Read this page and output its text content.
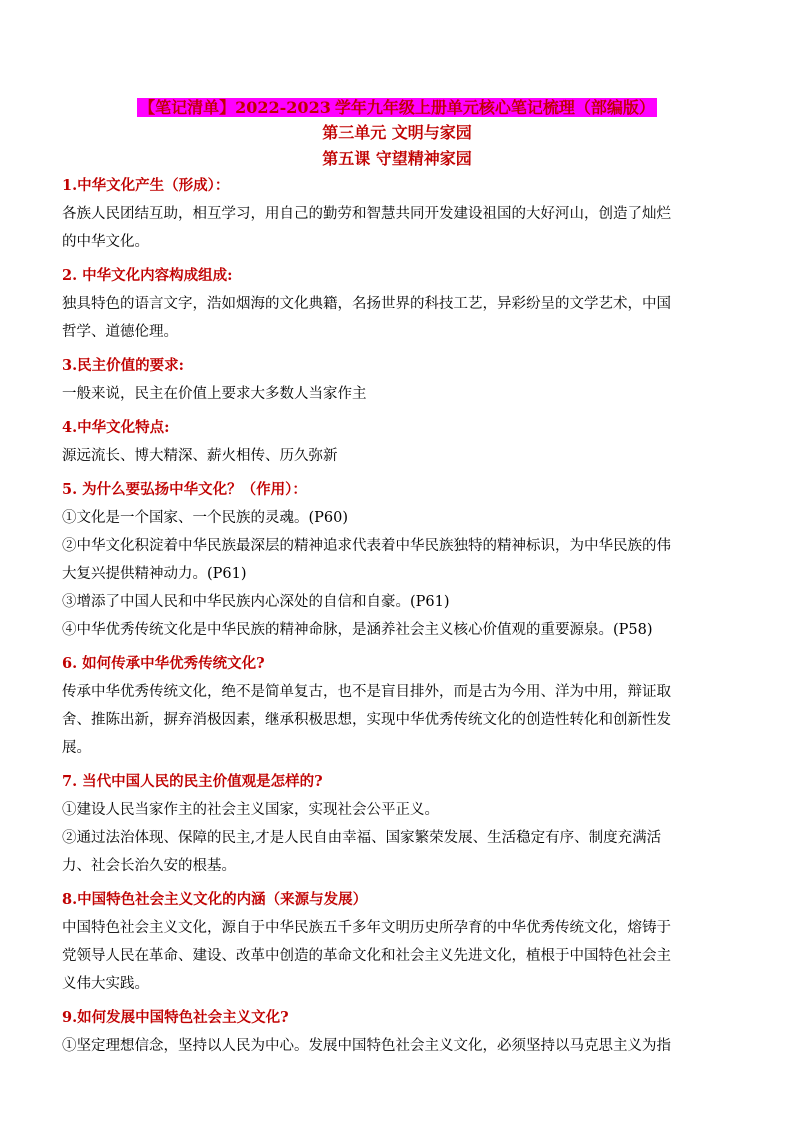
【笔记清单】2022-2023 学年九年级上册单元核心笔记梳理（部编版）
第三单元 文明与家园
第五课 守望精神家园
1.中华文化产生（形成）：
各族人民团结互助，相互学习，用自己的勤劳和智慧共同开发建设祖国的大好河山，创造了灿烂
的中华文化。
2. 中华文化内容构成组成:
独具特色的语言文字，浩如烟海的文化典籍，名扬世界的科技工艺，异彩纷呈的文学艺术，中国
哲学、道德伦理。
3.民主价值的要求:
一般来说，民主在价值上要求大多数人当家作主
4.中华文化特点:
源远流长、博大精深、薪火相传、历久弥新
5. 为什么要弘扬中华文化？（作用）：
①文化是一个国家、一个民族的灵魂。(P60)
②中华文化积淀着中华民族最深层的精神追求代表着中华民族独特的精神标识，为中华民族的伟
大复兴提供精神动力。(P61)
③增添了中国人民和中华民族内心深处的自信和自豪。(P61)
④中华优秀传统文化是中华民族的精神命脉，是涵养社会主义核心价值观的重要源泉。(P58)
6. 如何传承中华优秀传统文化?
传承中华优秀传统文化，绝不是简单复古，也不是盲目排外，而是古为今用、洋为中用，辩证取
舍、推陈出新，摒弃消极因素，继承积极思想，实现中华优秀传统文化的创造性转化和创新性发
展。
7. 当代中国人民的民主价值观是怎样的?
①建设人民当家作主的社会主义国家，实现社会公平正义。
②通过法治体现、保障的民主,才是人民自由幸福、国家繁荣发展、生活稳定有序、制度充满活
力、社会长治久安的根基。
8.中国特色社会主义文化的内涵（来源与发展）
中国特色社会主义文化，源自于中华民族五千多年文明历史所孕育的中华优秀传统文化，熔铸于
党领导人民在革命、建设、改革中创造的革命文化和社会主义先进文化，植根于中国特色社会主
义伟大实践。
9.如何发展中国特色社会主义文化?
①坚定理想信念，坚持以人民为中心。发展中国特色社会主义文化，必须坚持以马克思主义为指
